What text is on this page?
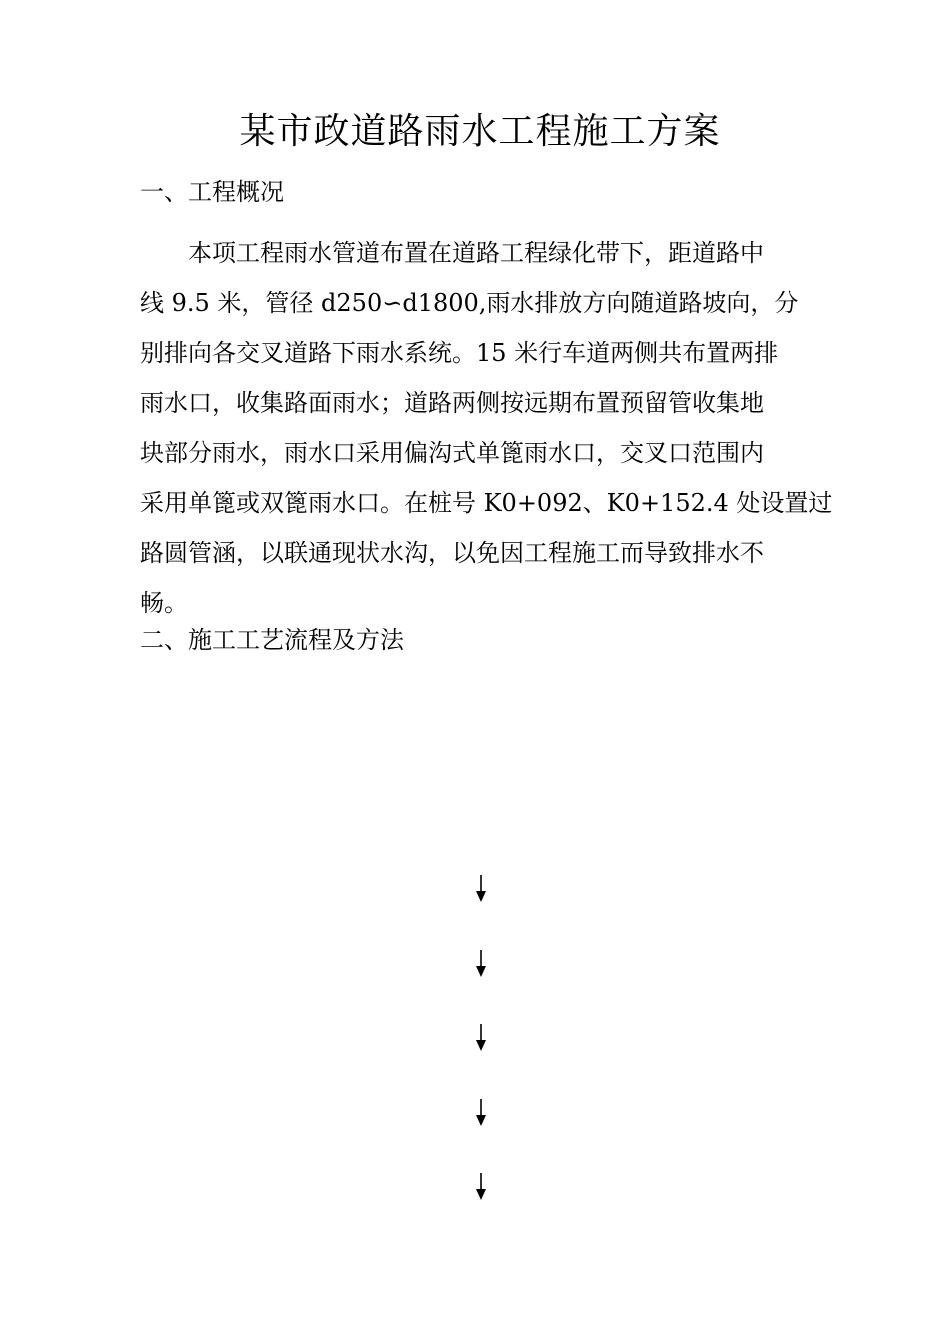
某市政道路雨水工程施工方案
一、工程概况

　　本项工程雨水管道布置在道路工程绿化带下，距道路中
线 9.5 米，管径 d250∽d1800,雨水排放方向随道路坡向，分
别排向各交叉道路下雨水系统。15 米行车道两侧共布置两排
雨水口，收集路面雨水；道路两侧按远期布置预留管收集地
块部分雨水，雨水口采用偏沟式单篦雨水口，交叉口范围内
采用单篦或双篦雨水口。在桩号 K0+092、K0+152.4 处设置过
路圆管涵，以联通现状水沟，以免因工程施工而导致排水不
畅。

二、施工工艺流程及方法
